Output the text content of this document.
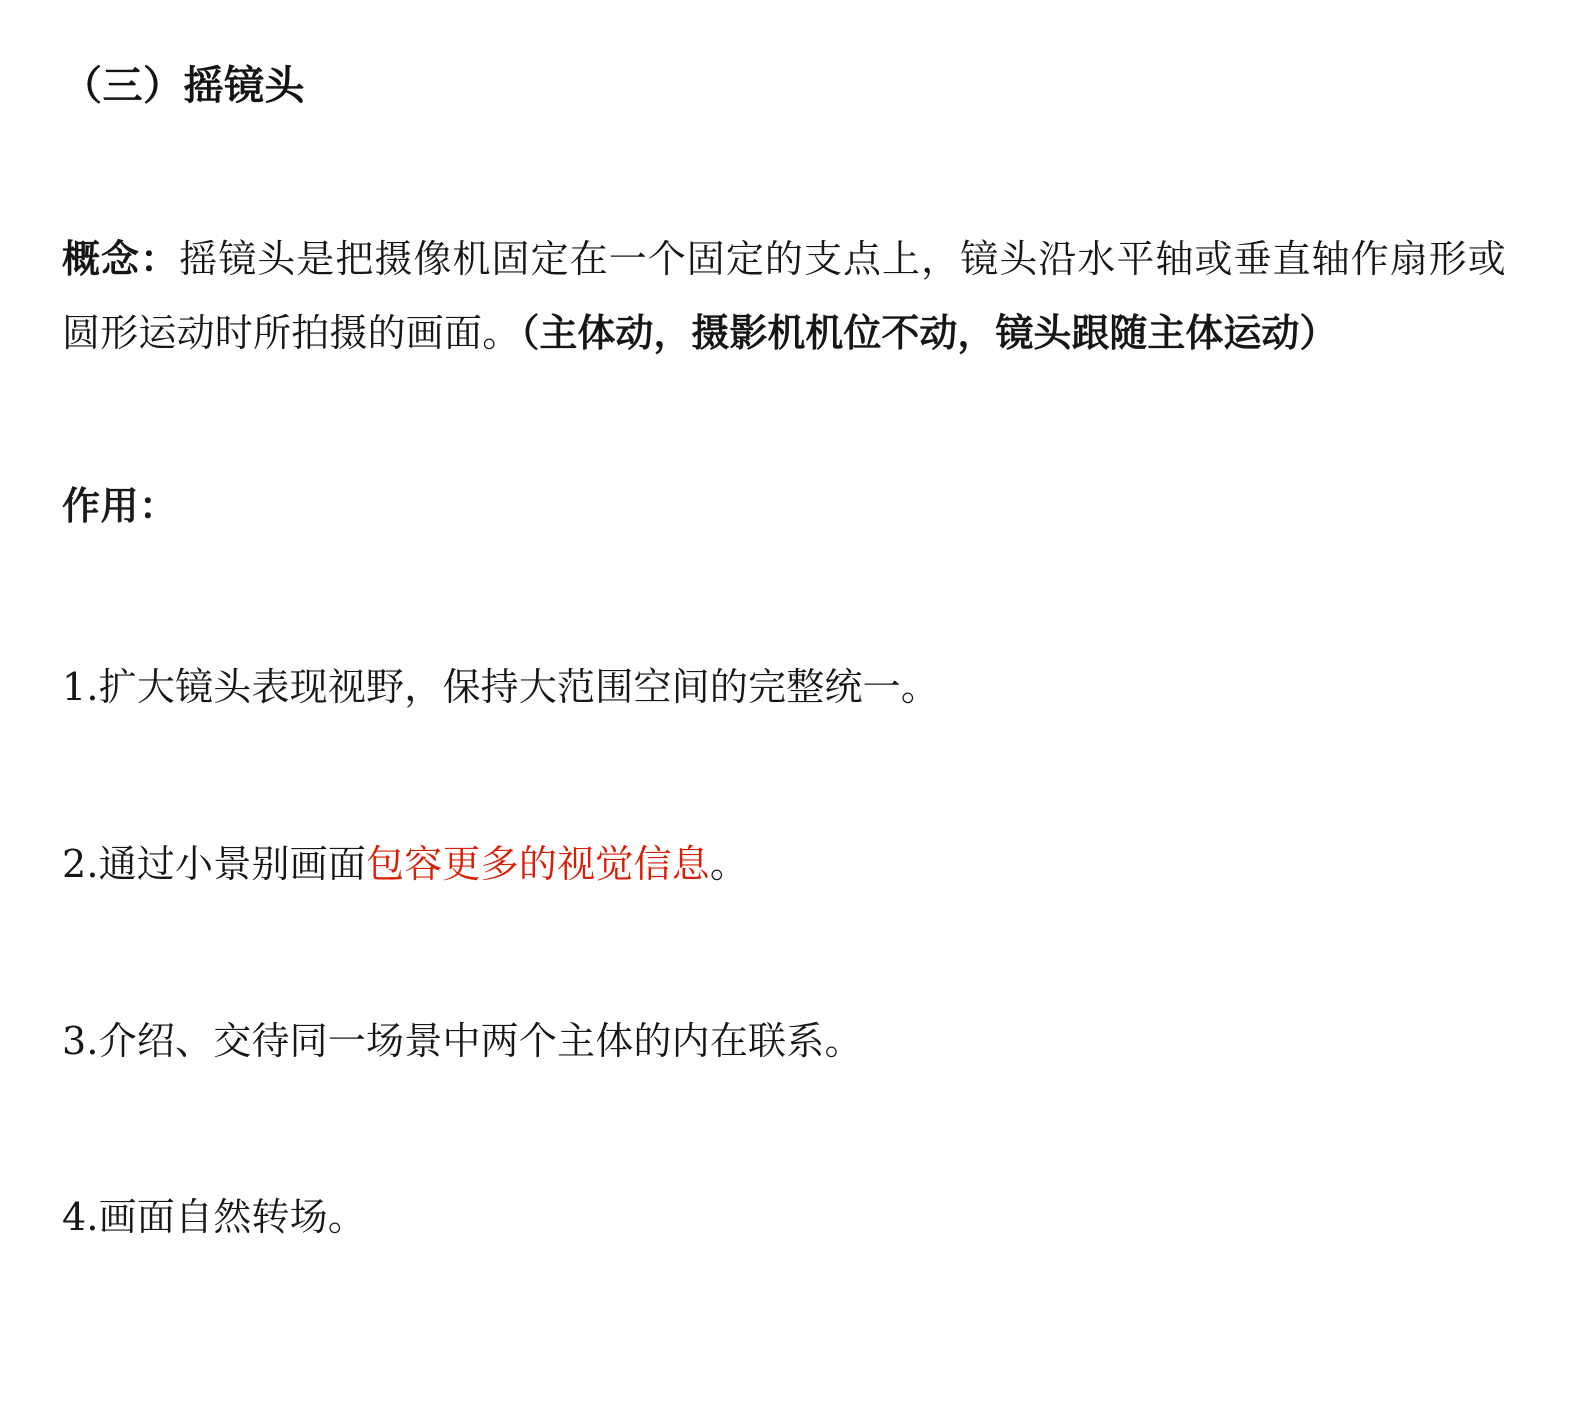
（三）摇镜头

概念：摇镜头是把摄像机固定在一个固定的支点上，镜头沿水平轴或垂直轴作扇形或圆形运动时所拍摄的画面。（主体动，摄影机机位不动，镜头跟随主体运动）

作用：

1.扩大镜头表现视野，保持大范围空间的完整统一。
2.通过小景别画面包容更多的视觉信息。
3.介绍、交待同一场景中两个主体的内在联系。
4.画面自然转场。
